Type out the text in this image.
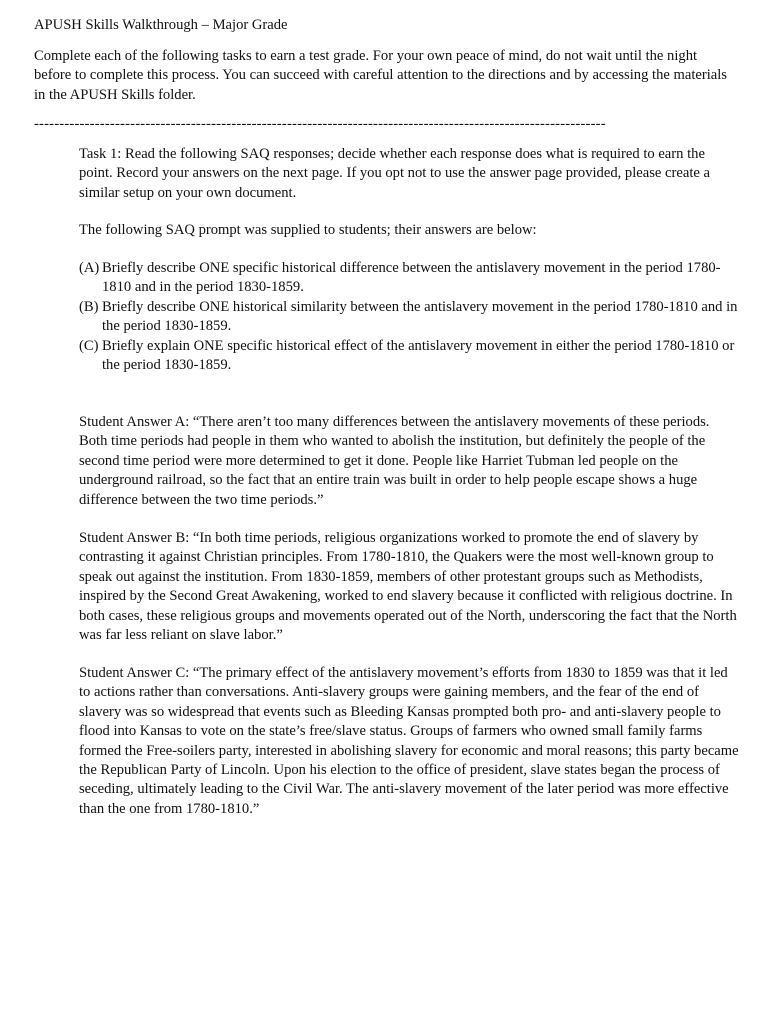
APUSH Skills Walkthrough – Major Grade

Complete each of the following tasks to earn a test grade. For your own peace of mind, do not wait until the night before to complete this process. You can succeed with careful attention to the directions and by accessing the materials in the APUSH Skills folder.

-----------------------------------------------------------------------------------------------------------------

Task 1: Read the following SAQ responses; decide whether each response does what is required to earn the point. Record your answers on the next page. If you opt not to use the answer page provided, please create a similar setup on your own document.

The following SAQ prompt was supplied to students; their answers are below:

(A) Briefly describe ONE specific historical difference between the antislavery movement in the period 1780-1810 and in the period 1830-1859.
(B) Briefly describe ONE historical similarity between the antislavery movement in the period 1780-1810 and in the period 1830-1859.
(C) Briefly explain ONE specific historical effect of the antislavery movement in either the period 1780-1810 or the period 1830-1859.

Student Answer A: “There aren’t too many differences between the antislavery movements of these periods. Both time periods had people in them who wanted to abolish the institution, but definitely the people of the second time period were more determined to get it done. People like Harriet Tubman led people on the underground railroad, so the fact that an entire train was built in order to help people escape shows a huge difference between the two time periods.”

Student Answer B: “In both time periods, religious organizations worked to promote the end of slavery by contrasting it against Christian principles. From 1780-1810, the Quakers were the most well-known group to speak out against the institution. From 1830-1859, members of other protestant groups such as Methodists, inspired by the Second Great Awakening, worked to end slavery because it conflicted with religious doctrine. In both cases, these religious groups and movements operated out of the North, underscoring the fact that the North was far less reliant on slave labor.”

Student Answer C: “The primary effect of the antislavery movement’s efforts from 1830 to 1859 was that it led to actions rather than conversations. Anti-slavery groups were gaining members, and the fear of the end of slavery was so widespread that events such as Bleeding Kansas prompted both pro- and anti-slavery people to flood into Kansas to vote on the state’s free/slave status. Groups of farmers who owned small family farms formed the Free-soilers party, interested in abolishing slavery for economic and moral reasons; this party became the Republican Party of Lincoln. Upon his election to the office of president, slave states began the process of seceding, ultimately leading to the Civil War. The anti-slavery movement of the later period was more effective than the one from 1780-1810.”
